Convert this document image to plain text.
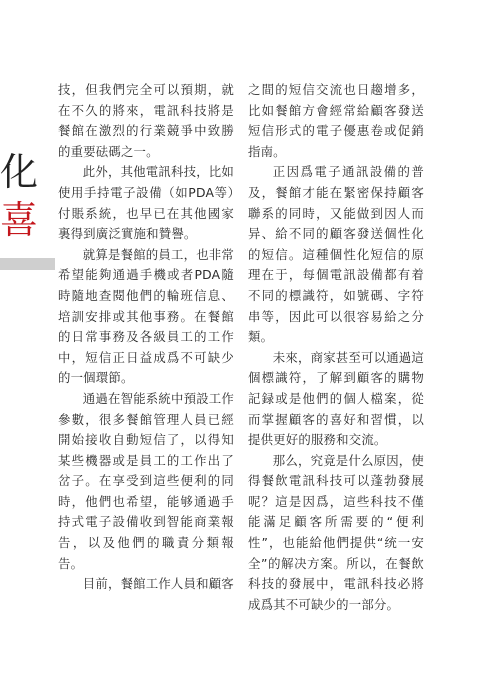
化
喜

技，但我們完全可以預期，就在不久的將來，電訊科技將是餐館在激烈的行業競爭中致勝的重要砝碼之一。

此外，其他電訊科技，比如使用手持電子設備（如PDA等）付賬系統，也早已在其他國家裏得到廣泛實施和贊譽。

就算是餐館的員工，也非常希望能夠通過手機或者PDA隨時隨地查閱他們的輪班信息、培訓安排或其他事務。在餐館的日常事務及各級員工的工作中，短信正日益成爲不可缺少的一個環節。

通過在智能系統中預設工作參數，很多餐館管理人員已經開始接收自動短信了，以得知某些機器或是員工的工作出了岔子。在享受到這些便利的同時，他們也希望，能够通過手持式電子設備收到智能商業報告，以及他們的職責分類報告。

目前，餐館工作人員和顧客

之間的短信交流也日趨增多，比如餐館方會經常給顧客發送短信形式的電子優惠卷或促銷指南。

正因爲電子通訊設備的普及，餐館才能在緊密保持顧客聯系的同時，又能做到因人而异、給不同的顧客發送個性化的短信。這種個性化短信的原理在于，每個電訊設備都有着不同的標識符，如號碼、字符串等，因此可以很容易給之分類。

未來，商家甚至可以通過這個標識符，了解到顧客的購物記録或是他們的個人檔案，從而掌握顧客的喜好和習慣，以提供更好的服務和交流。

那么，究竟是什么原因，使得餐飲電訊科技可以蓬勃發展呢？這是因爲，這些科技不僅能滿足顧客所需要的“便利性”，也能給他們提供“统一安全”的解决方案。所以，在餐飲科技的發展中，電訊科技必將成爲其不可缺少的一部分。
